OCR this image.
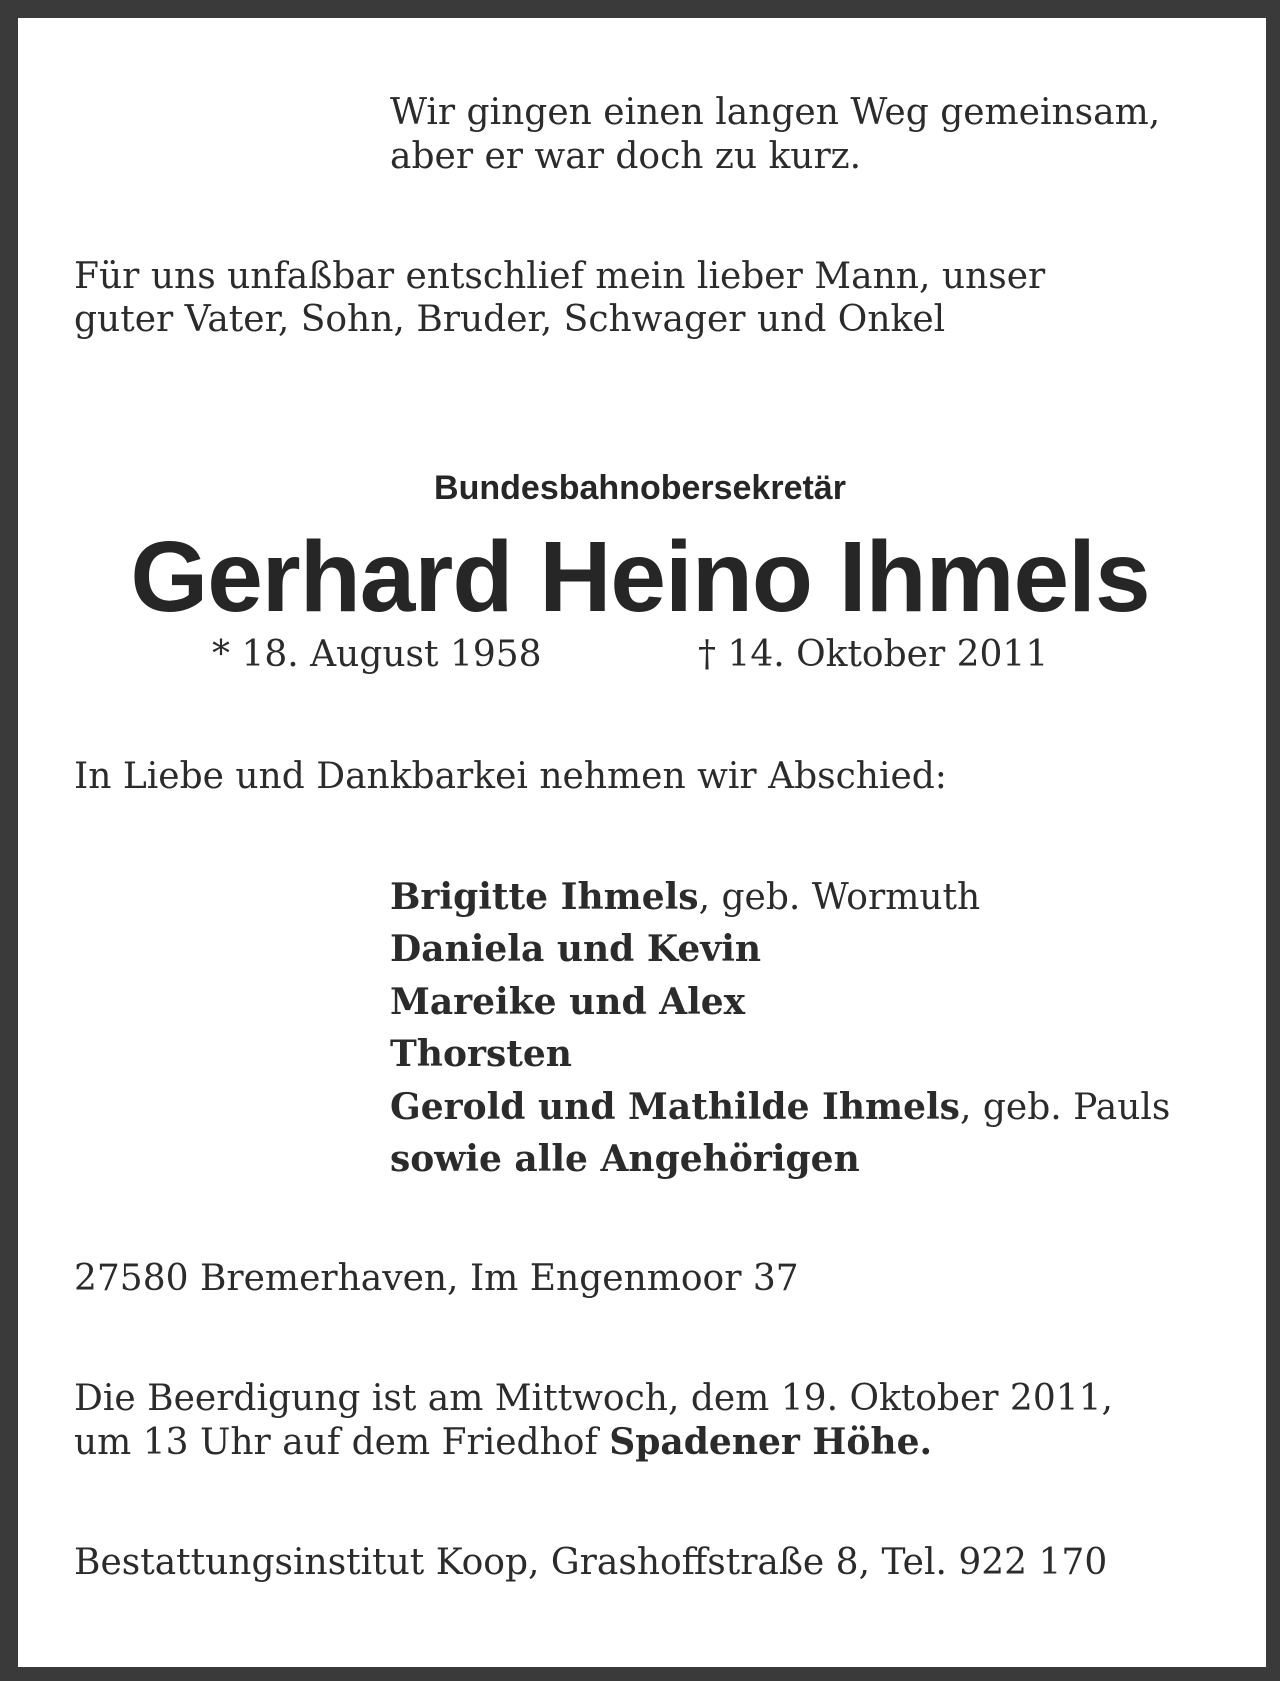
Wir gingen einen langen Weg gemeinsam,
aber er war doch zu kurz.
Für uns unfaßbar entschlief mein lieber Mann, unser
guter Vater, Sohn, Bruder, Schwager und Onkel
Bundesbahnobersekretär
Gerhard Heino Ihmels
* 18. August 1958	† 14. Oktober 2011
In Liebe und Dankbarkei nehmen wir Abschied:
Brigitte Ihmels, geb. Wormuth
Daniela und Kevin
Mareike und Alex
Thorsten
Gerold und Mathilde Ihmels, geb. Pauls
sowie alle Angehörigen
27580 Bremerhaven, Im Engenmoor 37
Die Beerdigung ist am Mittwoch, dem 19. Oktober 2011,
um 13 Uhr auf dem Friedhof Spadener Höhe.
Bestattungsinstitut Koop, Grashoffstraße 8, Tel. 922 170
